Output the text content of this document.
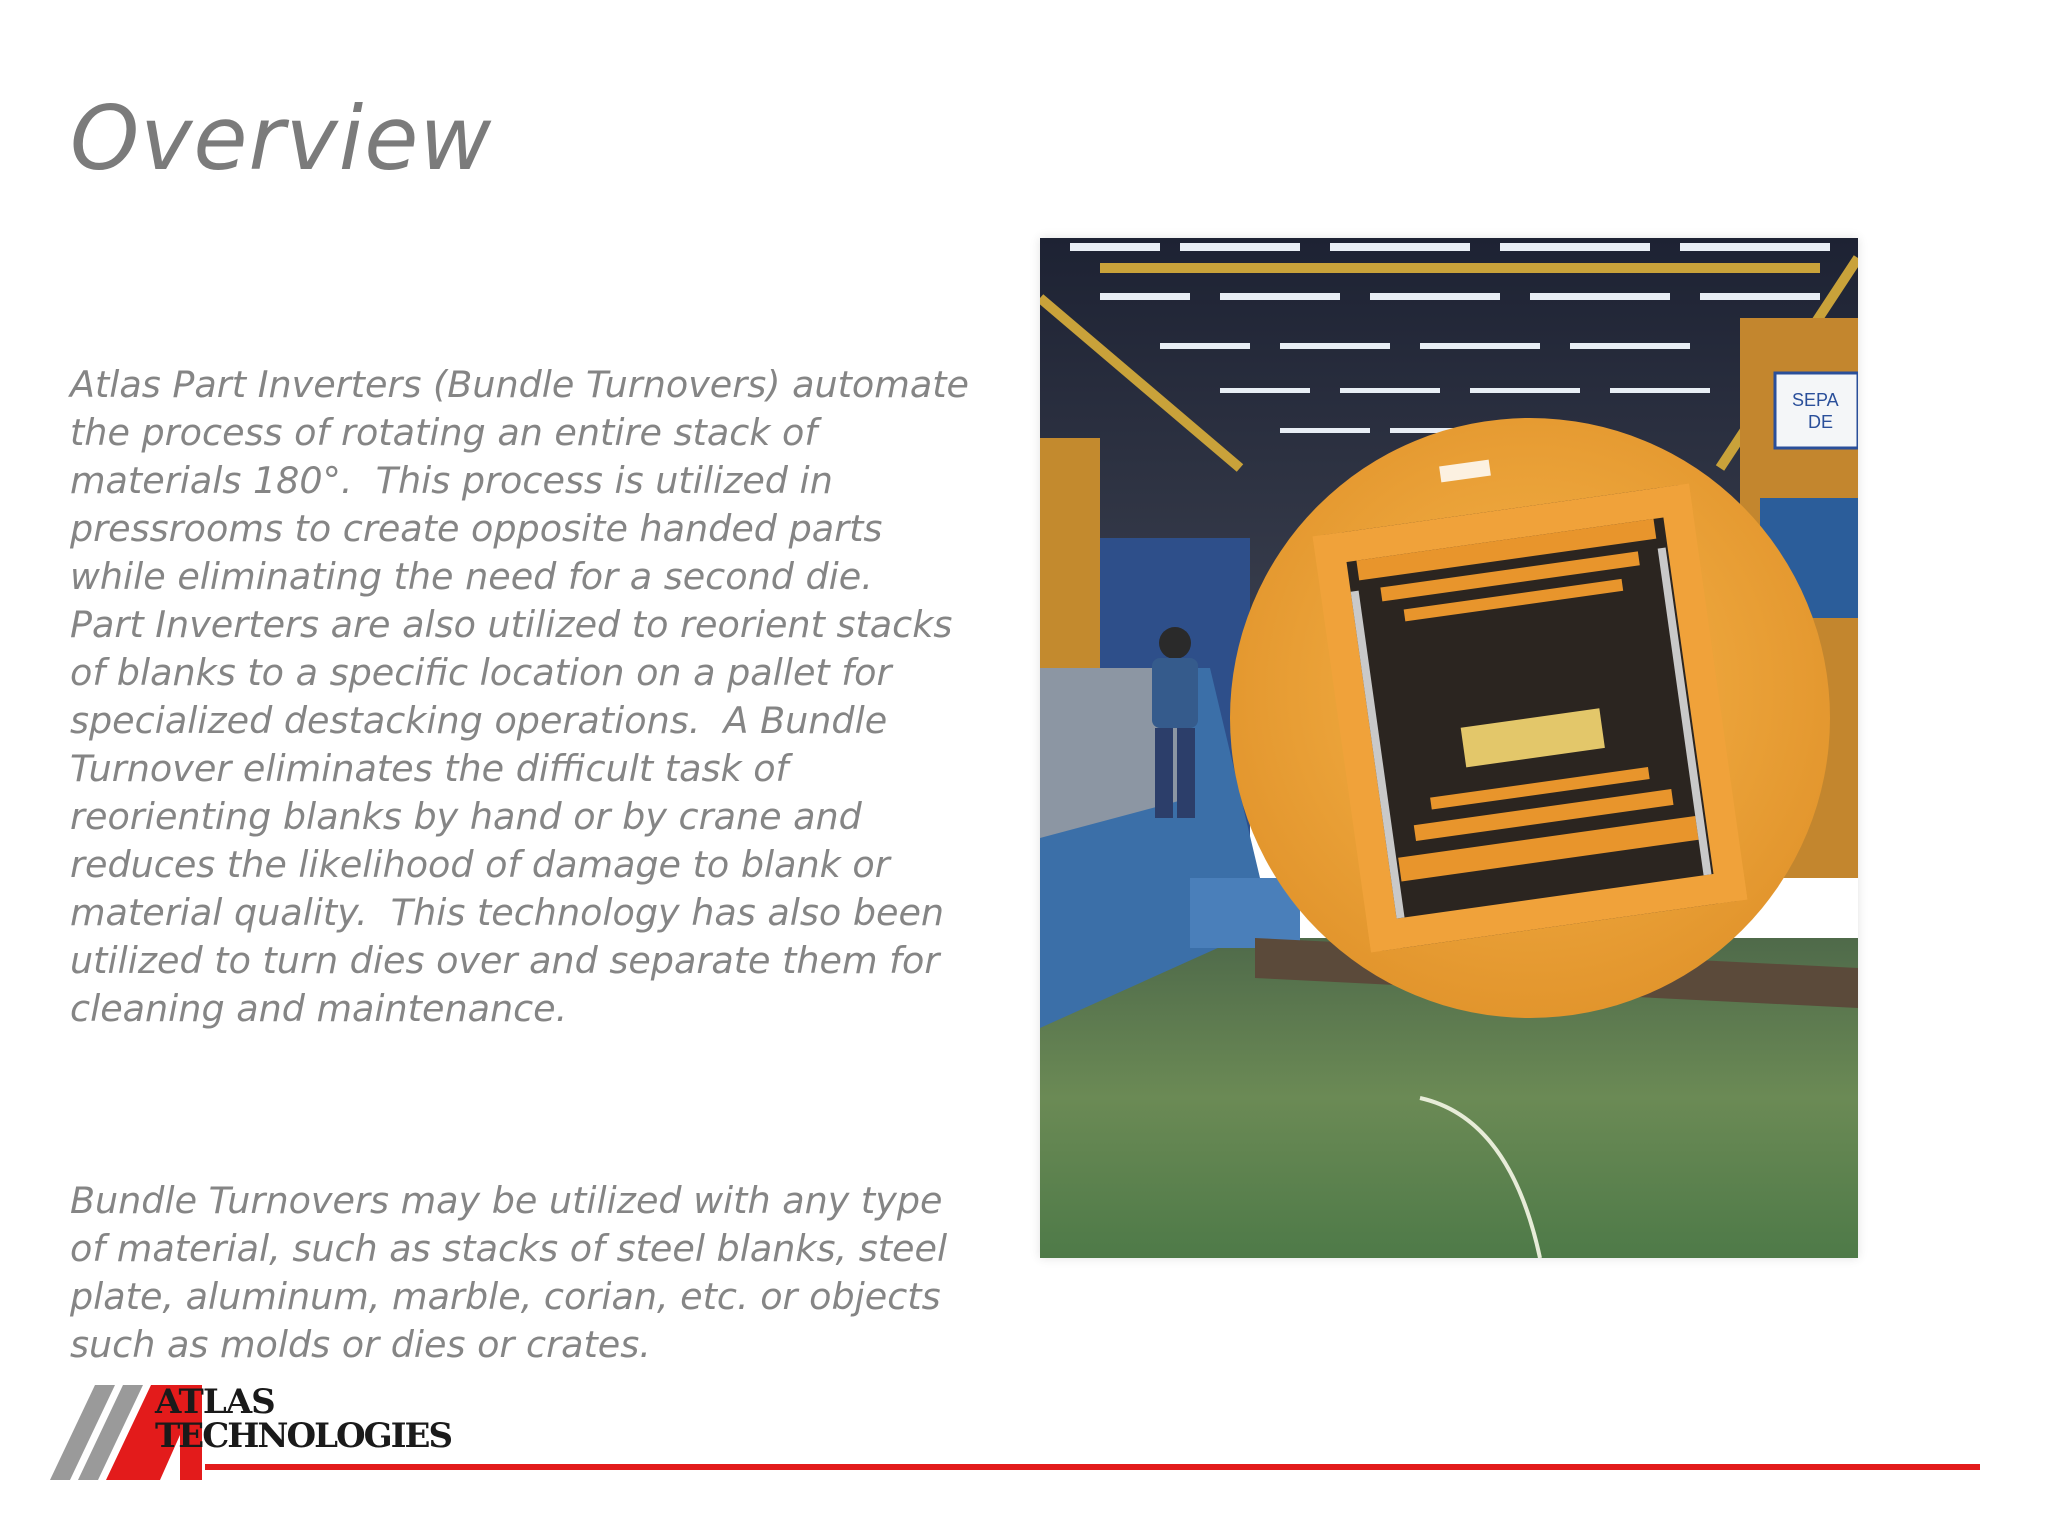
Overview

Atlas Part Inverters (Bundle Turnovers) automate
the process of rotating an entire stack of
materials 180°.  This process is utilized in
pressrooms to create opposite handed parts
while eliminating the need for a second die.
Part Inverters are also utilized to reorient stacks
of blanks to a specific location on a pallet for
specialized destacking operations.  A Bundle
Turnover eliminates the difficult task of
reorienting blanks by hand or by crane and
reduces the likelihood of damage to blank or
material quality.  This technology has also been
utilized to turn dies over and separate them for
cleaning and maintenance.

Bundle Turnovers may be utilized with any type
of material, such as stacks of steel blanks, steel
plate, aluminum, marble, corian, etc. or objects
such as molds or dies or crates.

SEPA
DE
ATLAS
TECHNOLOGIES
